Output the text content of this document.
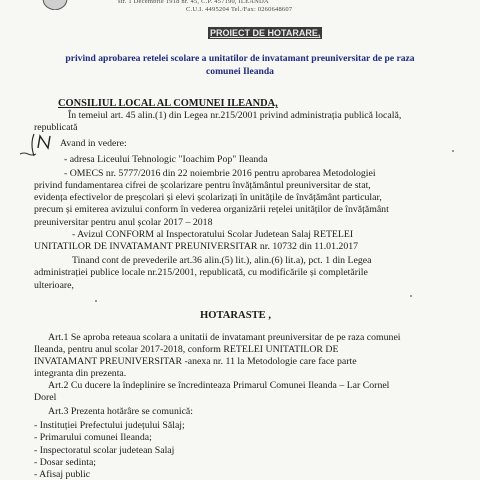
str. 1 Decembrie 1918 nr. 45, C.P. 457190, ILEANDA
C.U.I. 4495204 Tel./Fax: 0260648607
PROIECT DE HOTARARE,
privind aprobarea retelei scolare a unitatilor de invatamant preuniversitar de pe raza
comunei Ileanda
CONSILIUL LOCAL AL COMUNEI ILEANDA,
În temeiul art. 45 alin.(1) din Legea nr.215/2001 privind administrația publică locală,
republicată
Avand in vedere:
- adresa Liceului Tehnologic "Ioachim Pop" Ileanda
- OMECS nr. 5777/2016 din 22 noiembrie 2016 pentru aprobarea Metodologiei
privind fundamentarea cifrei de școlarizare pentru învățământul preuniversitar de stat,
evidența efectivelor de preșcolari și elevi școlarizați în unitățile de învățământ particular,
precum și emiterea avizului conform în vederea organizării rețelei unităților de învățământ
preuniversitar pentru anul școlar 2017 – 2018
- Avizul CONFORM al Inspectoratului Scolar Judetean Salaj RETELEI
UNITATILOR DE INVATAMANT PREUNIVERSITAR nr. 10732 din 11.01.2017
Tinand cont de prevederile art.36 alin.(5) lit.), alin.(6) lit.a), pct. 1 din Legea
administrației publice locale nr.215/2001, republicată, cu modificările și completările
ulterioare,
HOTARASTE ,
Art.1 Se aproba reteaua scolara a unitatii de invatamant preuniversitar de pe raza comunei
Ileanda, pentru anul scolar 2017-2018, conform RETELEI UNITATILOR DE
INVATAMANT PREUNIVERSITAR -anexa nr. 11 la Metodologie care face parte
integranta din prezenta.
Art.2 Cu ducere la îndeplinire se încredinteaza Primarul Comunei Ileanda – Lar Cornel
Dorel
Art.3 Prezenta hotărâre se comunică:
- Instituției Prefectului județului Sălaj;
- Primarului comunei Ileanda;
- Inspectoratul scolar judetean Salaj
- Dosar sedinta;
- Afisaj public
